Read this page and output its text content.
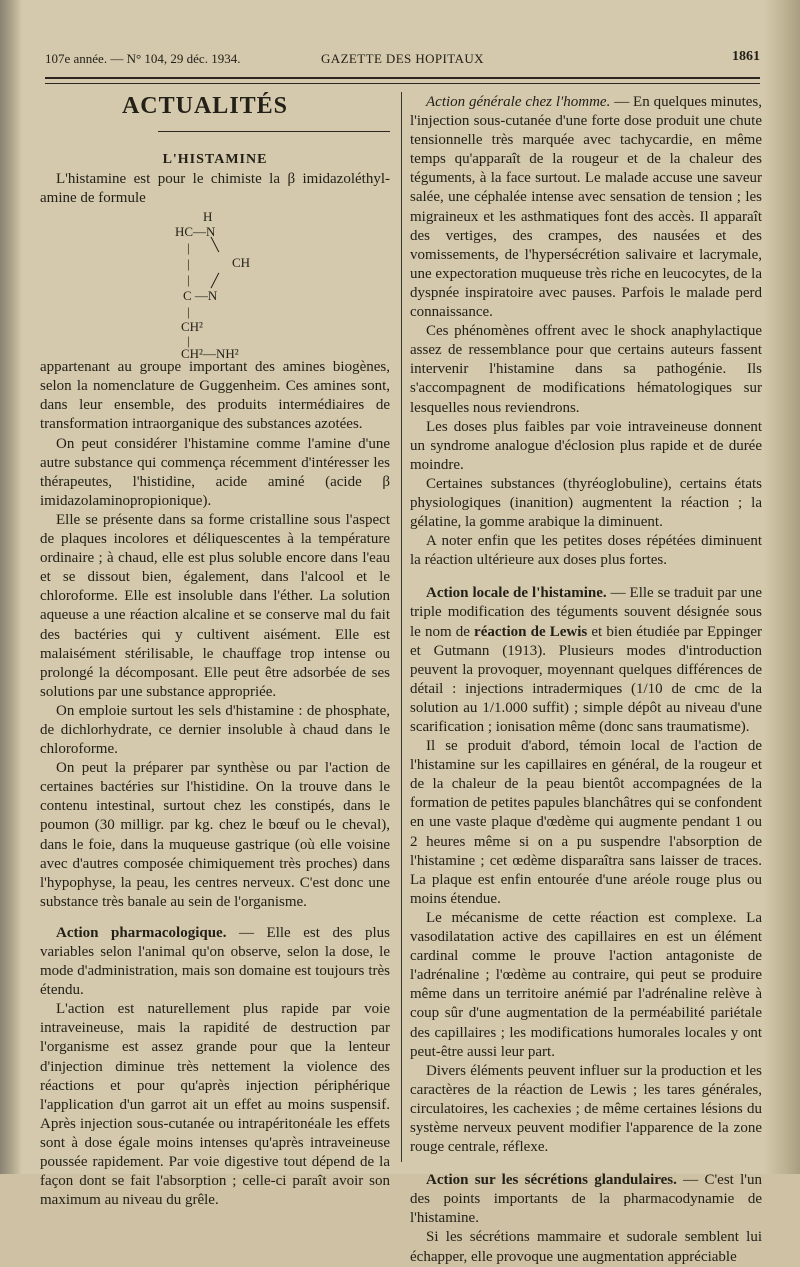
107e année. — N° 104, 29 déc. 1934.	GAZETTE DES HOPITAUX	1861
ACTUALITÉS
L'HISTAMINE

L'histamine est pour le chimiste la β imidazoléthyl-amine de formule

H
HC—N
| ╲
|	CH
| ╱
C —N
|
CH²
|
CH²—NH²

appartenant au groupe important des amines biogènes, selon la nomenclature de Guggenheim. Ces amines sont, dans leur ensemble, des produits intermédiaires de transformation intraorganique des substances azotées.

On peut considérer l'histamine comme l'amine d'une autre substance qui commença récemment d'intéresser les thérapeutes, l'histidine, acide aminé (acide β imidazolaminopropionique).

Elle se présente dans sa forme cristalline sous l'aspect de plaques incolores et déliquescentes à la température ordinaire ; à chaud, elle est plus soluble encore dans l'eau et se dissout bien, également, dans l'alcool et le chloroforme. Elle est insoluble dans l'éther. La solution aqueuse a une réaction alcaline et se conserve mal du fait des bactéries qui y cultivent aisément. Elle est malaisément stérilisable, le chauffage trop intense ou prolongé la décomposant. Elle peut être adsorbée de ses solutions par une substance appropriée.

On emploie surtout les sels d'histamine : de phosphate, de dichlorhydrate, ce dernier insoluble à chaud dans le chloroforme.

On peut la préparer par synthèse ou par l'action de certaines bactéries sur l'histidine. On la trouve dans le contenu intestinal, surtout chez les constipés, dans le poumon (30 milligr. par kg. chez le bœuf ou le cheval), dans le foie, dans la muqueuse gastrique (où elle voisine avec d'autres composée chimiquement très proches) dans l'hypophyse, la peau, les centres nerveux. C'est donc une substance très banale au sein de l'organisme.

Action pharmacologique. — Elle est des plus variables selon l'animal qu'on observe, selon la dose, le mode d'administration, mais son domaine est toujours très étendu.

L'action est naturellement plus rapide par voie intraveineuse, mais la rapidité de destruction par l'organisme est assez grande pour que la lenteur d'injection diminue très nettement la violence des réactions et pour qu'après injection périphérique l'application d'un garrot ait un effet au moins suspensif. Après injection sous-cutanée ou intrapéritonéale les effets sont à dose égale moins intenses qu'après intraveineuse poussée rapidement. Par voie digestive tout dépend de la façon dont se fait l'absorption ; celle-ci paraît avoir son maximum au niveau du grêle.

Action générale chez l'homme. — En quelques minutes, l'injection sous-cutanée d'une forte dose produit une chute tensionnelle très marquée avec tachycardie, en même temps qu'apparaît de la rougeur et de la chaleur des téguments, à la face surtout. Le malade accuse une saveur salée, une céphalée intense avec sensation de tension ; les migraineux et les asthmatiques font des accès. Il apparaît des vertiges, des crampes, des nausées et des vomissements, de l'hypersécrétion salivaire et lacrymale, une expectoration muqueuse très riche en leucocytes, de la dyspnée inspiratoire avec pauses. Parfois le malade perd connaissance.

Ces phénomènes offrent avec le shock anaphylactique assez de ressemblance pour que certains auteurs fassent intervenir l'histamine dans sa pathogénie. Ils s'accompagnent de modifications hématologiques sur lesquelles nous reviendrons.

Les doses plus faibles par voie intraveineuse donnent un syndrome analogue d'éclosion plus rapide et de durée moindre.

Certaines substances (thyréoglobuline), certains états physiologiques (inanition) augmentent la réaction ; la gélatine, la gomme arabique la diminuent.

A noter enfin que les petites doses répétées diminuent la réaction ultérieure aux doses plus fortes.

Action locale de l'histamine. — Elle se traduit par une triple modification des téguments souvent désignée sous le nom de réaction de Lewis et bien étudiée par Eppinger et Gutmann (1913). Plusieurs modes d'introduction peuvent la provoquer, moyennant quelques différences de détail : injections intradermiques (1/10 de cmc de la solution au 1/1.000 suffit) ; simple dépôt au niveau d'une scarification ; ionisation même (donc sans traumatisme).

Il se produit d'abord, témoin local de l'action de l'histamine sur les capillaires en général, de la rougeur et de la chaleur de la peau bientôt accompagnées de la formation de petites papules blanchâtres qui se confondent en une vaste plaque d'œdème qui augmente pendant 1 ou 2 heures même si on a pu suspendre l'absorption de l'histamine ; cet œdème disparaîtra sans laisser de traces. La plaque est enfin entourée d'une aréole rouge plus ou moins étendue.

Le mécanisme de cette réaction est complexe. La vasodilatation active des capillaires en est un élément cardinal comme le prouve l'action antagoniste de l'adrénaline ; l'œdème au contraire, qui peut se produire même dans un territoire anémié par l'adrénaline relève à coup sûr d'une augmentation de la perméabilité pariétale des capillaires ; les modifications humorales locales y ont peut-être aussi leur part.

Divers éléments peuvent influer sur la production et les caractères de la réaction de Lewis ; les tares générales, circulatoires, les cachexies ; de même certaines lésions du système nerveux peuvent modifier l'apparence de la zone rouge centrale, réflexe.

Action sur les sécrétions glandulaires. — C'est l'un des points importants de la pharmacodynamie de l'histamine.

Si les sécrétions mammaire et sudorale semblent lui échapper, elle provoque une augmentation appréciable
